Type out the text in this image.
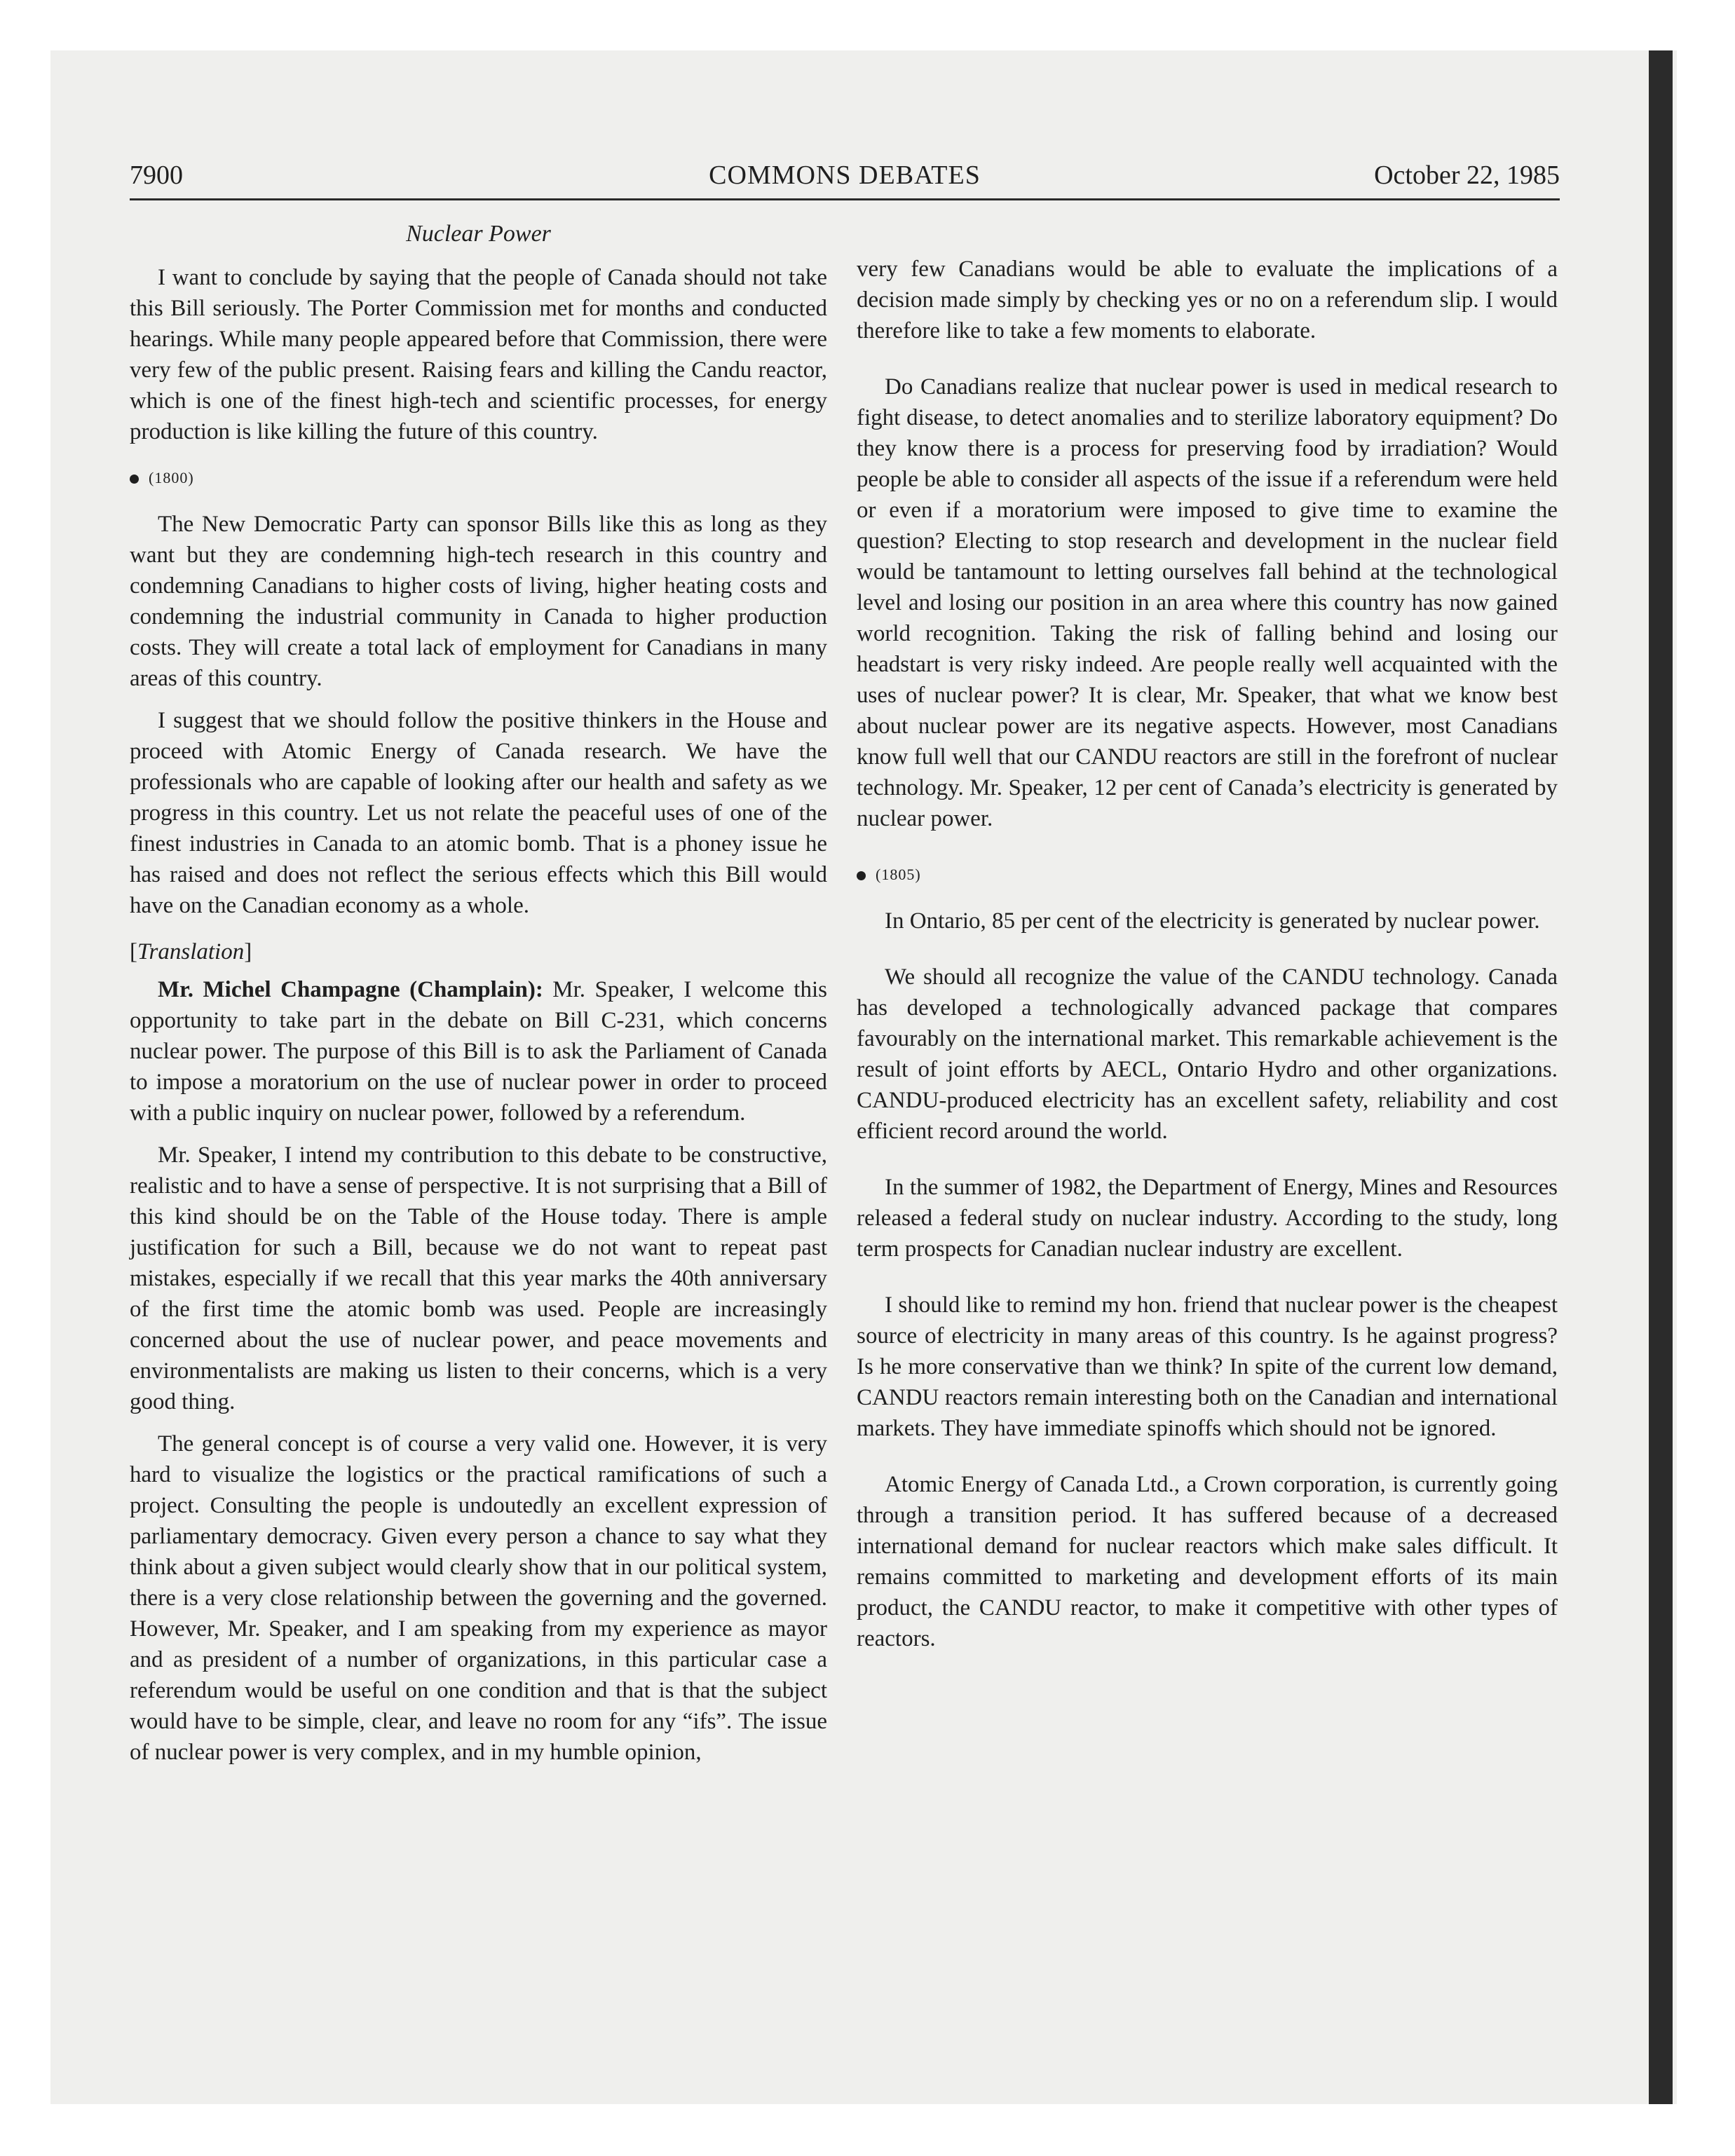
7900	COMMONS DEBATES	October 22, 1985
Nuclear Power

I want to conclude by saying that the people of Canada should not take this Bill seriously. The Porter Commission met for months and conducted hearings. While many people appeared before that Commission, there were very few of the public present. Raising fears and killing the Candu reactor, which is one of the finest high-tech and scientific processes, for energy production is like killing the future of this country.

(1800)

The New Democratic Party can sponsor Bills like this as long as they want but they are condemning high-tech research in this country and condemning Canadians to higher costs of living, higher heating costs and condemning the industrial community in Canada to higher production costs. They will create a total lack of employment for Canadians in many areas of this country.

I suggest that we should follow the positive thinkers in the House and proceed with Atomic Energy of Canada research. We have the professionals who are capable of looking after our health and safety as we progress in this country. Let us not relate the peaceful uses of one of the finest industries in Canada to an atomic bomb. That is a phoney issue he has raised and does not reflect the serious effects which this Bill would have on the Canadian economy as a whole.

[Translation]

Mr. Michel Champagne (Champlain): Mr. Speaker, I welcome this opportunity to take part in the debate on Bill C-231, which concerns nuclear power. The purpose of this Bill is to ask the Parliament of Canada to impose a moratorium on the use of nuclear power in order to proceed with a public inquiry on nuclear power, followed by a referendum.

Mr. Speaker, I intend my contribution to this debate to be constructive, realistic and to have a sense of perspective. It is not surprising that a Bill of this kind should be on the Table of the House today. There is ample justification for such a Bill, because we do not want to repeat past mistakes, especially if we recall that this year marks the 40th anniversary of the first time the atomic bomb was used. People are increasingly concerned about the use of nuclear power, and peace movements and environmentalists are making us listen to their concerns, which is a very good thing.

The general concept is of course a very valid one. However, it is very hard to visualize the logistics or the practical ramifications of such a project. Consulting the people is undoutedly an excellent expression of parliamentary democracy. Given every person a chance to say what they think about a given subject would clearly show that in our political system, there is a very close relationship between the governing and the governed. However, Mr. Speaker, and I am speaking from my experience as mayor and as president of a number of organizations, in this particular case a referendum would be useful on one condition and that is that the subject would have to be simple, clear, and leave no room for any “ifs”. The issue of nuclear power is very complex, and in my humble opinion,

very few Canadians would be able to evaluate the implications of a decision made simply by checking yes or no on a referendum slip. I would therefore like to take a few moments to elaborate.

Do Canadians realize that nuclear power is used in medical research to fight disease, to detect anomalies and to sterilize laboratory equipment? Do they know there is a process for preserving food by irradiation? Would people be able to consider all aspects of the issue if a referendum were held or even if a moratorium were imposed to give time to examine the question? Electing to stop research and development in the nuclear field would be tantamount to letting ourselves fall behind at the technological level and losing our position in an area where this country has now gained world recognition. Taking the risk of falling behind and losing our headstart is very risky indeed. Are people really well acquainted with the uses of nuclear power? It is clear, Mr. Speaker, that what we know best about nuclear power are its negative aspects. However, most Canadians know full well that our CANDU reactors are still in the forefront of nuclear technology. Mr. Speaker, 12 per cent of Canada’s electricity is generated by nuclear power.

(1805)

In Ontario, 85 per cent of the electricity is generated by nuclear power.

We should all recognize the value of the CANDU technology. Canada has developed a technologically advanced package that compares favourably on the international market. This remarkable achievement is the result of joint efforts by AECL, Ontario Hydro and other organizations. CANDU-produced electricity has an excellent safety, reliability and cost efficient record around the world.

In the summer of 1982, the Department of Energy, Mines and Resources released a federal study on nuclear industry. According to the study, long term prospects for Canadian nuclear industry are excellent.

I should like to remind my hon. friend that nuclear power is the cheapest source of electricity in many areas of this country. Is he against progress? Is he more conservative than we think? In spite of the current low demand, CANDU reactors remain interesting both on the Canadian and international markets. They have immediate spinoffs which should not be ignored.

Atomic Energy of Canada Ltd., a Crown corporation, is currently going through a transition period. It has suffered because of a decreased international demand for nuclear reactors which make sales difficult. It remains committed to marketing and development efforts of its main product, the CANDU reactor, to make it competitive with other types of reactors.
